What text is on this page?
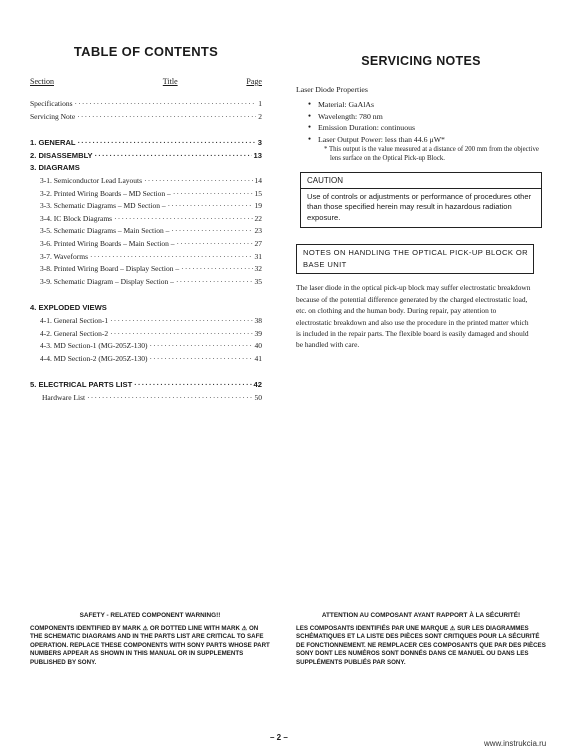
TABLE OF CONTENTS
Section	Title	Page
Specifications ·····	1
Servicing Note ·····	2
1. GENERAL ·····	3
2. DISASSEMBLY ·····	13
3. DIAGRAMS
3-1. Semiconductor Lead Layouts ·····	14
3-2. Printed Wiring Boards – MD Section – ·····	15
3-3. Schematic Diagrams – MD Section – ·····	19
3-4. IC Block Diagrams ·····	22
3-5. Schematic Diagrams – Main Section – ·····	23
3-6. Printed Wiring Boards – Main Section – ·····	27
3-7. Waveforms ·····	31
3-8. Printed Wiring Board – Display Section – ·····	32
3-9. Schematic Diagram – Display Section – ·····	35
4. EXPLODED VIEWS
4-1. General Section-1 ·····	38
4-2. General Section-2 ·····	39
4-3. MD Section-1 (MG-205Z-130) ·····	40
4-4. MD Section-2 (MG-205Z-130) ·····	41
5. ELECTRICAL PARTS LIST ·····	42
Hardware List ·····	50
SERVICING NOTES
Laser Diode Properties
● Material: GaAlAs
● Wavelength: 780 nm
● Emission Duration: continuous
● Laser Output Power: less than 44.6 μW*
* This output is the value measured at a distance of 200 mm from the objective lens surface on the Optical Pick-up Block.
CAUTION
Use of controls or adjustments or performance of procedures other than those specified herein may result in hazardous radiation exposure.
NOTES ON HANDLING THE OPTICAL PICK-UP BLOCK OR BASE UNIT
The laser diode in the optical pick-up block may suffer electrostatic breakdown because of the potential difference generated by the charged electrostatic load, etc. on clothing and the human body. During repair, pay attention to electrostatic breakdown and also use the procedure in the printed matter which is included in the repair parts. The flexible board is easily damaged and should be handled with care.
SAFETY - RELATED COMPONENT WARNING!!
COMPONENTS IDENTIFIED BY MARK ⚠ OR DOTTED LINE WITH MARK ⚠ ON THE SCHEMATIC DIAGRAMS AND IN THE PARTS LIST ARE CRITICAL TO SAFE OPERATION. REPLACE THESE COMPONENTS WITH SONY PARTS WHOSE PART NUMBERS APPEAR AS SHOWN IN THIS MANUAL OR IN SUPPLEMENTS PUBLISHED BY SONY.
ATTENTION AU COMPOSANT AYANT RAPPORT À LA SÉCURITÉ!
LES COMPOSANTS IDENTIFIÉS PAR UNE MARQUE ⚠ SUR LES DIAGRAMMES SCHÉMATIQUES ET LA LISTE DES PIÈCES SONT CRITIQUES POUR LA SÉCURITÉ DE FONCTIONNEMENT. NE REMPLACER CES COMPOSANTS QUE PAR DES PIÈCES SONY DONT LES NUMÉROS SONT DONNÉS DANS CE MANUEL OU DANS LES SUPPLÉMENTS PUBLIÉS PAR SONY.
– 2 –
www.instrukcia.ru
